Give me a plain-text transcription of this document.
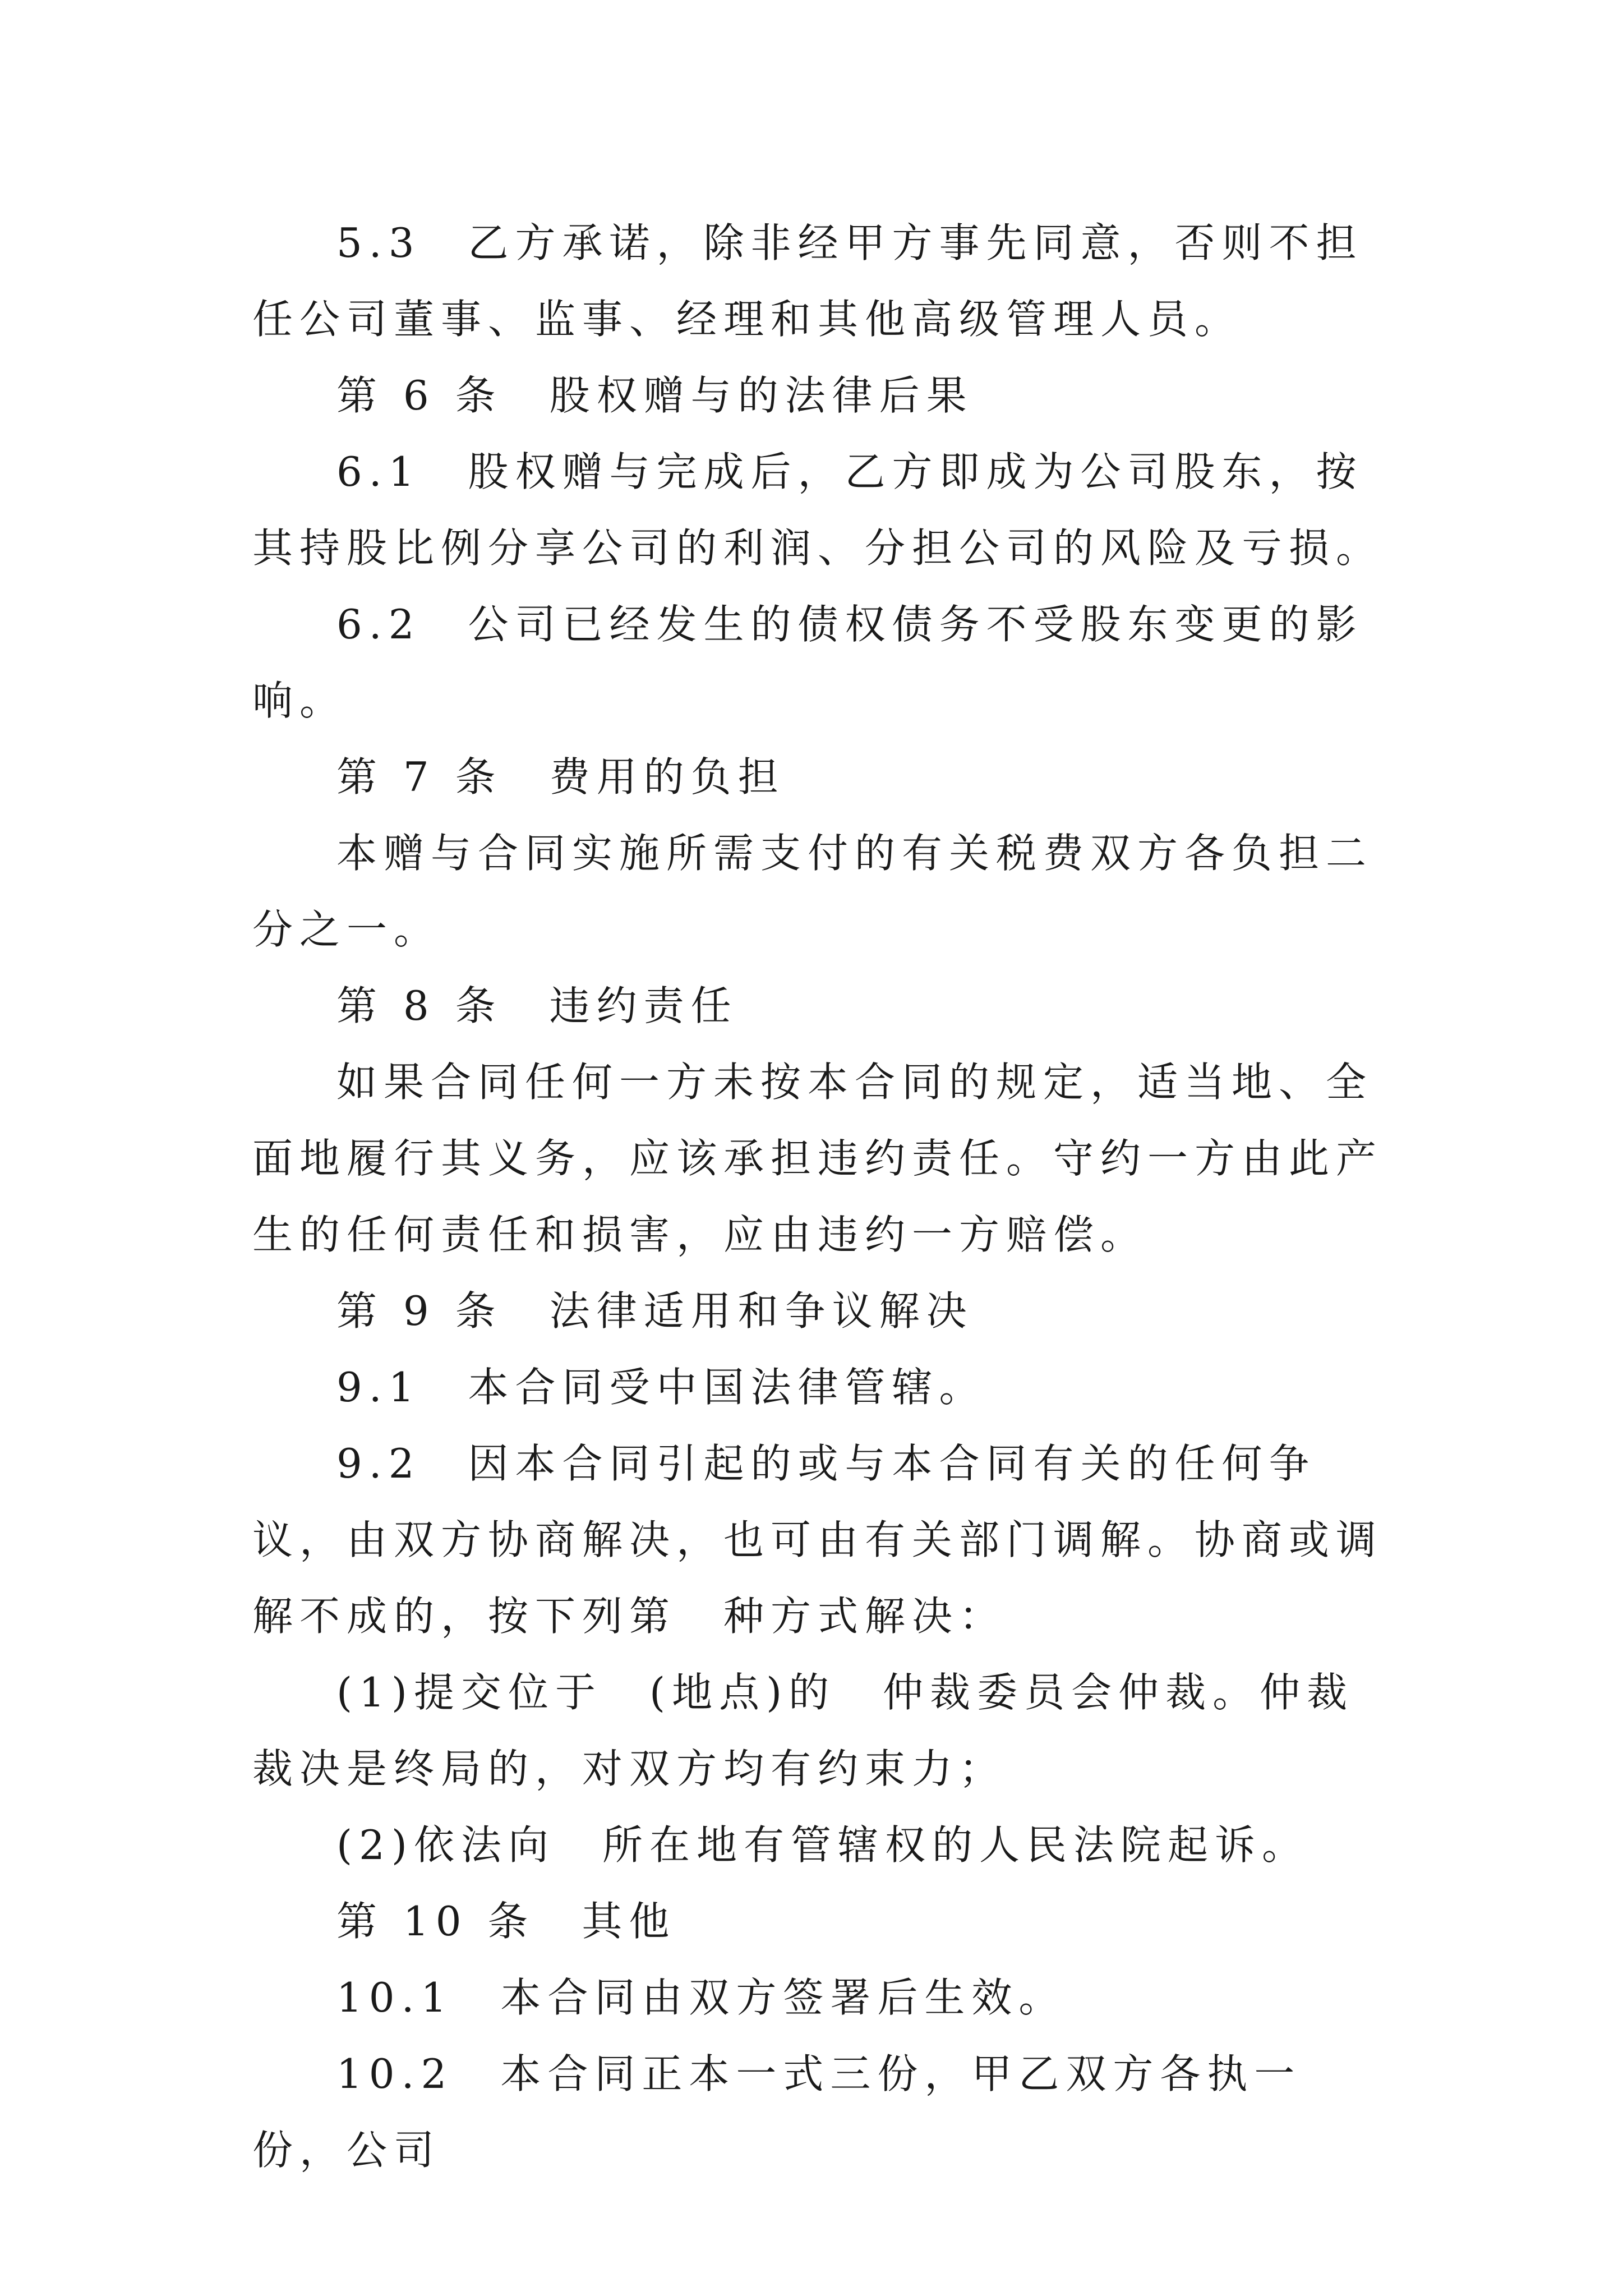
5.3　乙方承诺，除非经甲方事先同意，否则不担任公司董事、监事、经理和其他高级管理人员。

第 6 条　股权赠与的法律后果

6.1　股权赠与完成后，乙方即成为公司股东，按其持股比例分享公司的利润、分担公司的风险及亏损。

6.2　公司已经发生的债权债务不受股东变更的影响。

第 7 条　费用的负担

本赠与合同实施所需支付的有关税费双方各负担二分之一。

第 8 条　违约责任

如果合同任何一方未按本合同的规定，适当地、全面地履行其义务，应该承担违约责任。守约一方由此产生的任何责任和损害，应由违约一方赔偿。

第 9 条　法律适用和争议解决

9.1　本合同受中国法律管辖。

9.2　因本合同引起的或与本合同有关的任何争议，由双方协商解决，也可由有关部门调解。协商或调解不成的，按下列第　种方式解决：

(1)提交位于　(地点)的　仲裁委员会仲裁。仲裁裁决是终局的，对双方均有约束力；

(2)依法向　所在地有管辖权的人民法院起诉。

第 10 条　其他

10.1　本合同由双方签署后生效。

10.2　本合同正本一式三份，甲乙双方各执一份，公司
